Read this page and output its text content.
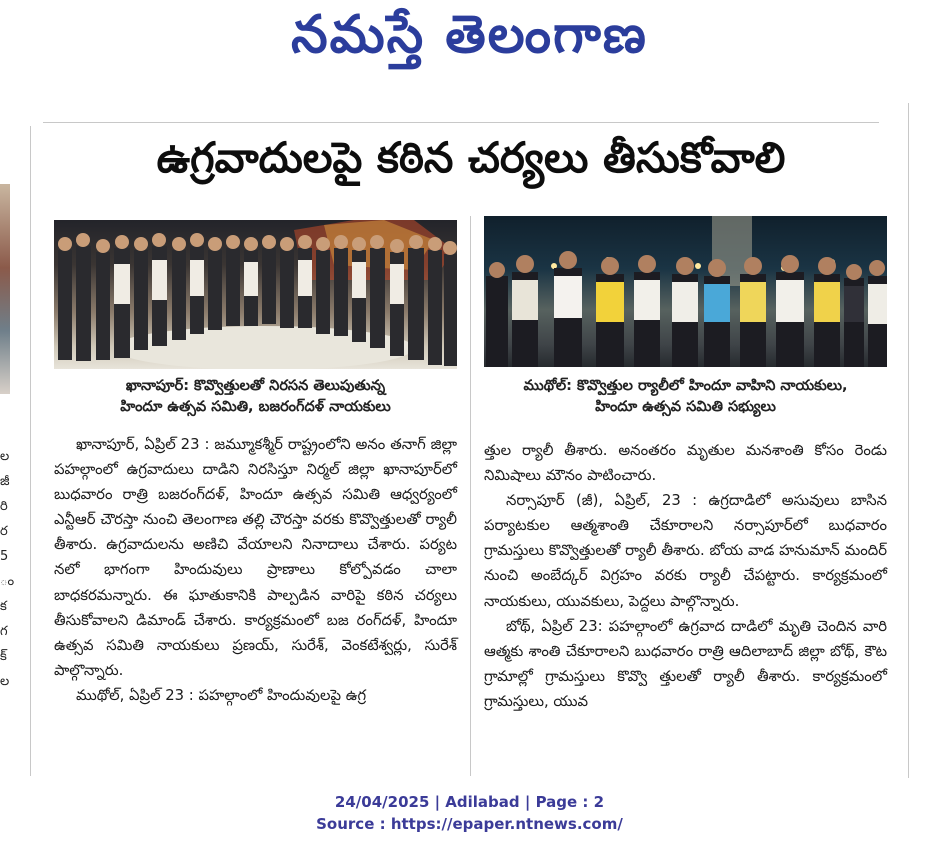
నమస్తే తెలంగాణ
ల
జీ
రి
ర
5
ం
క
గ
క్
ల
ఉగ్రవాదులపై కఠిన చర్యలు తీసుకోవాలి
ఖానాపూర్‌: కొవ్వొత్తులతో నిరసన తెలుపుతున్న
హిందూ ఉత్సవ సమితి, బజరంగ్‌దళ్‌ నాయకులు
ముథోల్‌: కొవ్వొత్తుల ర్యాలీలో హిందూ వాహిని నాయకులు,
హిందూ ఉత్సవ సమితి సభ్యులు

ఖానాపూర్‌, ఏప్రిల్‌ 23 : జమ్మూకశ్మీర్‌ రాష్ట్రంలోని అనం తనాగ్‌ జిల్లా పహల్గాంలో ఉగ్రవాదులు దాడిని నిరసిస్తూ నిర్మల్‌ జిల్లా ఖానాపూర్‌లో బుధవారం రాత్రి బజరంగ్‌దళ్‌, హిందూ ఉత్సవ సమితి ఆధ్వర్యంలో ఎన్టీఆర్‌ చౌరస్తా నుంచి తెలంగాణ తల్లి చౌరస్తా వరకు కొవ్వొత్తులతో ర్యాలీ తీశారు. ఉగ్రవాదులను అణిచి వేయాలని నినాదాలు చేశారు. పర్యట నలో భాగంగా హిందువులు ప్రాణాలు కోల్పోవడం చాలా బాధకరమన్నారు. ఈ ఘాతుకానికి పాల్పడిన వారిపై కఠిన చర్యలు తీసుకోవాలని డిమాండ్‌ చేశారు. కార్యక్రమంలో బజ రంగ్‌దళ్‌, హిందూ ఉత్సవ సమితి నాయకులు ప్రణయ్‌, సురేశ్‌, వెంకటేశ్వర్లు, సురేశ్‌ పాల్గొన్నారు.

ముథోల్‌, ఏప్రిల్‌ 23 : పహల్గాంలో హిందువులపై ఉగ్ర

త్తుల ర్యాలీ తీశారు. అనంతరం మృతుల మనశాంతి కోసం రెండు నిమిషాలు మౌనం పాటించారు.

నర్సాపూర్‌ (జీ), ఏప్రిల్‌, 23 : ఉగ్రదాడిలో అసువులు బాసిన పర్యాటకుల ఆత్మశాంతి చేకూరాలని నర్సాపూర్‌లో బుధవారం గ్రామస్తులు కొవ్వొత్తులతో ర్యాలీ తీశారు. బోయ వాడ హనుమాన్‌ మందిర్‌ నుంచి అంబేద్కర్‌ విగ్రహం వరకు ర్యాలీ చేపట్టారు. కార్యక్రమంలో నాయకులు, యువకులు, పెద్దలు పాల్గొన్నారు.

బోథ్‌, ఏప్రిల్‌ 23: పహల్గాంలో ఉగ్రవాద దాడిలో మృతి చెందిన వారి ఆత్మకు శాంతి చేకూరాలని బుధవారం రాత్రి ఆదిలాబాద్‌ జిల్లా బోథ్‌, కౌట గ్రామాల్లో గ్రామస్తులు కొవ్వొ త్తులతో ర్యాలీ తీశారు. కార్యక్రమంలో గ్రామస్తులు, యువ

24/04/2025 | Adilabad | Page : 2
Source : https://epaper.ntnews.com/
